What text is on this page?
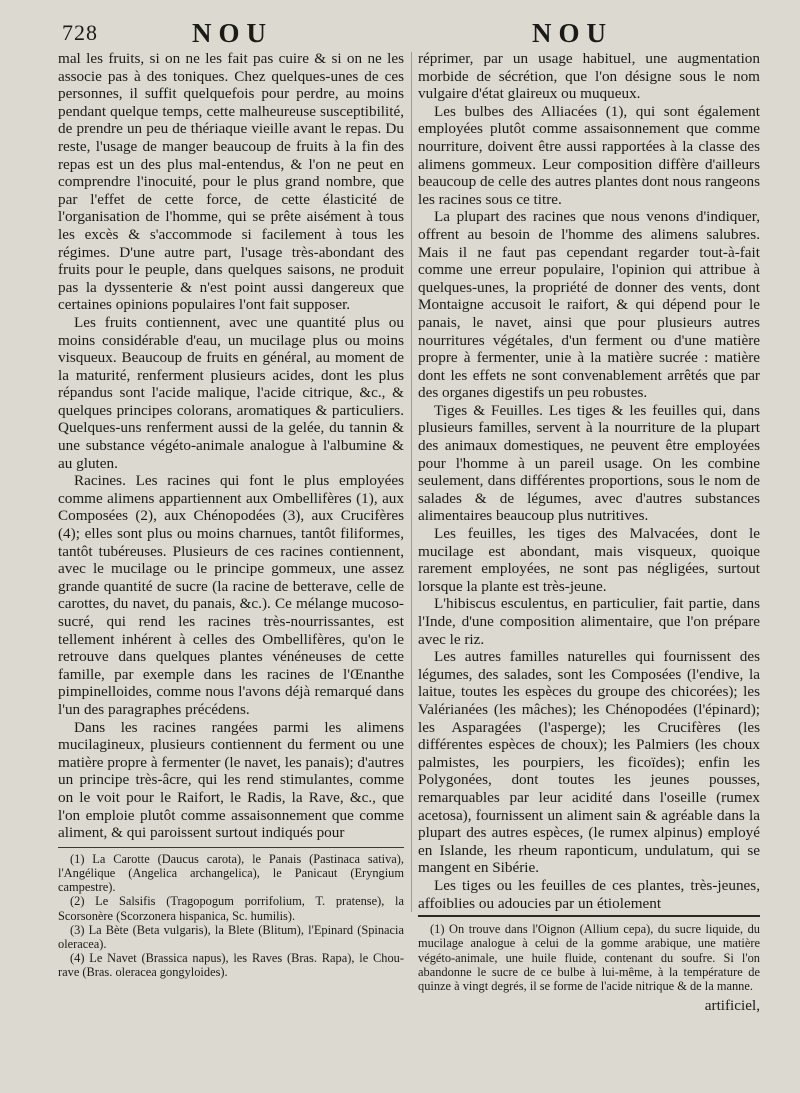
728	NOU	NOU

mal les fruits, si on ne les fait pas cuire & si on ne les associe pas à des toniques. Chez quelques-unes de ces personnes, il suffit quelquefois pour perdre, au moins pendant quelque temps, cette malheureuse susceptibilité, de prendre un peu de thériaque vieille avant le repas. Du reste, l'usage de manger beaucoup de fruits à la fin des repas est un des plus mal-entendus, & l'on ne peut en comprendre l'inocuité, pour le plus grand nombre, que par l'effet de cette force, de cette élasticité de l'organisation de l'homme, qui se prête aisément à tous les excès & s'accommode si facilement à tous les régimes. D'une autre part, l'usage très-abondant des fruits pour le peuple, dans quelques saisons, ne produit pas la dyssenterie & n'est point aussi dangereux que certaines opinions populaires l'ont fait supposer.

Les fruits contiennent, avec une quantité plus ou moins considérable d'eau, un mucilage plus ou moins visqueux. Beaucoup de fruits en général, au moment de la maturité, renferment plusieurs acides, dont les plus répandus sont l'acide malique, l'acide citrique, &c., & quelques principes colorans, aromatiques & particuliers. Quelques-uns renferment aussi de la gelée, du tannin & une substance végéto-animale analogue à l'albumine & au gluten.

Racines. Les racines qui font le plus employées comme alimens appartiennent aux Ombellifères (1), aux Composées (2), aux Chénopodées (3), aux Crucifères (4); elles sont plus ou moins charnues, tantôt filiformes, tantôt tubéreuses. Plusieurs de ces racines contiennent, avec le mucilage ou le principe gommeux, une assez grande quantité de sucre (la racine de betterave, celle de carottes, du navet, du panais, &c.). Ce mélange mucoso-sucré, qui rend les racines très-nourrissantes, est tellement inhérent à celles des Ombellifères, qu'on le retrouve dans quelques plantes vénéneuses de cette famille, par exemple dans les racines de l'Œnanthe pimpinelloides, comme nous l'avons déjà remarqué dans l'un des paragraphes précédens.

Dans les racines rangées parmi les alimens mucilagineux, plusieurs contiennent du ferment ou une matière propre à fermenter (le navet, les panais); d'autres un principe très-âcre, qui les rend stimulantes, comme on le voit pour le Raifort, le Radis, la Rave, &c., que l'on emploie plutôt comme assaisonnement que comme aliment, & qui paroissent surtout indiqués pour

(1) La Carotte (Daucus carota), le Panais (Pastinaca sativa), l'Angélique (Angelica archangelica), le Panicaut (Eryngium campestre).

(2) Le Salsifis (Tragopogum porrifolium, T. pratense), la Scorsonère (Scorzonera hispanica, Sc. humilis).

(3) La Bète (Beta vulgaris), la Blete (Blitum), l'Epinard (Spinacia oleracea).

(4) Le Navet (Brassica napus), les Raves (Bras. Rapa), le Chou-rave (Bras. oleracea gongyloides).

réprimer, par un usage habituel, une augmentation morbide de sécrétion, que l'on désigne sous le nom vulgaire d'état glaireux ou muqueux.

Les bulbes des Alliacées (1), qui sont également employées plutôt comme assaisonnement que comme nourriture, doivent être aussi rapportées à la classe des alimens gommeux. Leur composition diffère d'ailleurs beaucoup de celle des autres plantes dont nous rangeons les racines sous ce titre.

La plupart des racines que nous venons d'indiquer, offrent au besoin de l'homme des alimens salubres. Mais il ne faut pas cependant regarder tout-à-fait comme une erreur populaire, l'opinion qui attribue à quelques-unes, la propriété de donner des vents, dont Montaigne accusoit le raifort, & qui dépend pour le panais, le navet, ainsi que pour plusieurs autres nourritures végétales, d'un ferment ou d'une matière propre à fermenter, unie à la matière sucrée : matière dont les effets ne sont convenablement arrêtés que par des organes digestifs un peu robustes.

Tiges & Feuilles. Les tiges & les feuilles qui, dans plusieurs familles, servent à la nourriture de la plupart des animaux domestiques, ne peuvent être employées pour l'homme à un pareil usage. On les combine seulement, dans différentes proportions, sous le nom de salades & de légumes, avec d'autres substances alimentaires beaucoup plus nutritives.

Les feuilles, les tiges des Malvacées, dont le mucilage est abondant, mais visqueux, quoique rarement employées, ne sont pas négligées, surtout lorsque la plante est très-jeune.

L'hibiscus esculentus, en particulier, fait partie, dans l'Inde, d'une composition alimentaire, que l'on prépare avec le riz.

Les autres familles naturelles qui fournissent des légumes, des salades, sont les Composées (l'endive, la laitue, toutes les espèces du groupe des chicorées); les Valérianées (les mâches); les Chénopodées (l'épinard); les Asparagées (l'asperge); les Crucifères (les différentes espèces de choux); les Palmiers (les choux palmistes, les pourpiers, les ficoïdes); enfin les Polygonées, dont toutes les jeunes pousses, remarquables par leur acidité dans l'oseille (rumex acetosa), fournissent un aliment sain & agréable dans la plupart des autres espèces, (le rumex alpinus) employé en Islande, les rheum raponticum, undulatum, qui se mangent en Sibérie.

Les tiges ou les feuilles de ces plantes, très-jeunes, affoiblies ou adoucies par un étiolement

(1) On trouve dans l'Oignon (Allium cepa), du sucre liquide, du mucilage analogue à celui de la gomme arabique, une matière végéto-animale, une huile fluide, contenant du soufre. Si l'on abandonne le sucre de ce bulbe à lui-même, à la température de quinze à vingt degrés, il se forme de l'acide nitrique & de la manne.

artificiel,
